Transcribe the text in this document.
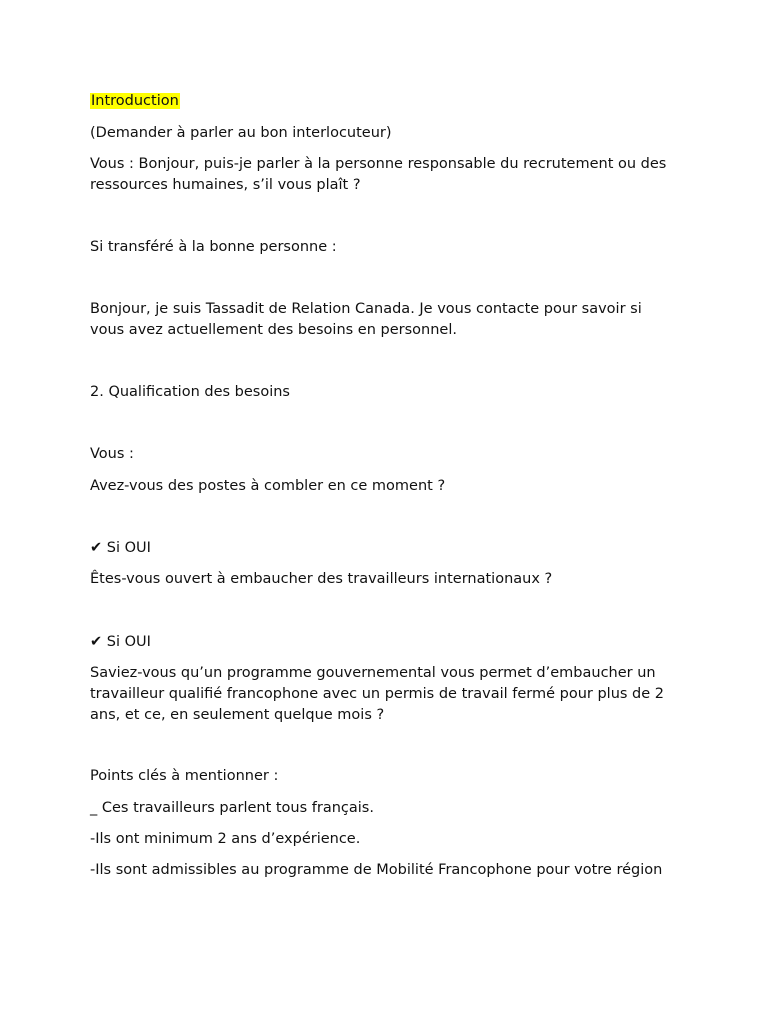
Introduction
(Demander à parler au bon interlocuteur)
Vous : Bonjour, puis-je parler à la personne responsable du recrutement ou des ressources humaines, s’il vous plaît ?
Si transféré à la bonne personne :
Bonjour, je suis Tassadit de Relation Canada. Je vous contacte pour savoir si vous avez actuellement des besoins en personnel.
2. Qualification des besoins
Vous :
Avez-vous des postes à combler en ce moment ?
✔ Si OUI
Êtes-vous ouvert à embaucher des travailleurs internationaux ?
✔ Si OUI
Saviez-vous qu’un programme gouvernemental vous permet d’embaucher un travailleur qualifié francophone avec un permis de travail fermé pour plus de 2 ans, et ce, en seulement quelque mois ?
Points clés à mentionner :
_ Ces travailleurs parlent tous français.
-Ils ont minimum 2 ans d’expérience.
-Ils sont admissibles au programme de Mobilité Francophone pour votre région
